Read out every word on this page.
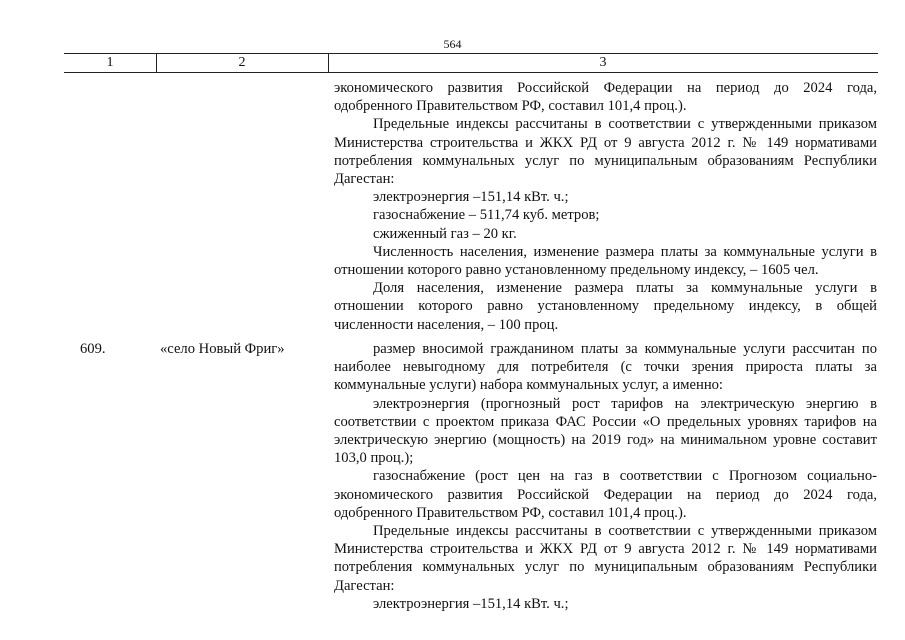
564
1	2	3

экономического развития Российской Федерации на период до 2024 года,

одобренного Правительством РФ, составил 101,4 проц.).

Предельные индексы рассчитаны в соответствии с утвержденными приказом

Министерства строительства и ЖКХ РД от 9 августа 2012 г. № 149 нормативами

потребления коммунальных услуг по муниципальным образованиям Республики

Дагестан:

электроэнергия –151,14 кВт. ч.;

газоснабжение – 511,74 куб. метров;

сжиженный газ – 20 кг.

Численность населения, изменение размера платы за коммунальные услуги в

отношении которого равно установленному предельному индексу, – 1605 чел.

Доля населения, изменение размера платы за коммунальные услуги в

отношении которого равно установленному предельному индексу, в общей

численности населения, – 100 проц.

609.	«село Новый Фриг»	размер вносимой гражданином платы за коммунальные услуги рассчитан по

наиболее невыгодному для потребителя (с точки зрения прироста платы за

коммунальные услуги) набора коммунальных услуг, а именно:

электроэнергия (прогнозный рост тарифов на электрическую энергию в

соответствии с проектом приказа ФАС России «О предельных уровнях тарифов на

электрическую энергию (мощность) на 2019 год» на минимальном уровне составит

103,0 проц.);

газоснабжение (рост цен на газ в соответствии с Прогнозом социально-

экономического развития Российской Федерации на период до 2024 года,

одобренного Правительством РФ, составил 101,4 проц.).

Предельные индексы рассчитаны в соответствии с утвержденными приказом

Министерства строительства и ЖКХ РД от 9 августа 2012 г. № 149 нормативами

потребления коммунальных услуг по муниципальным образованиям Республики

Дагестан:

электроэнергия –151,14 кВт. ч.;
